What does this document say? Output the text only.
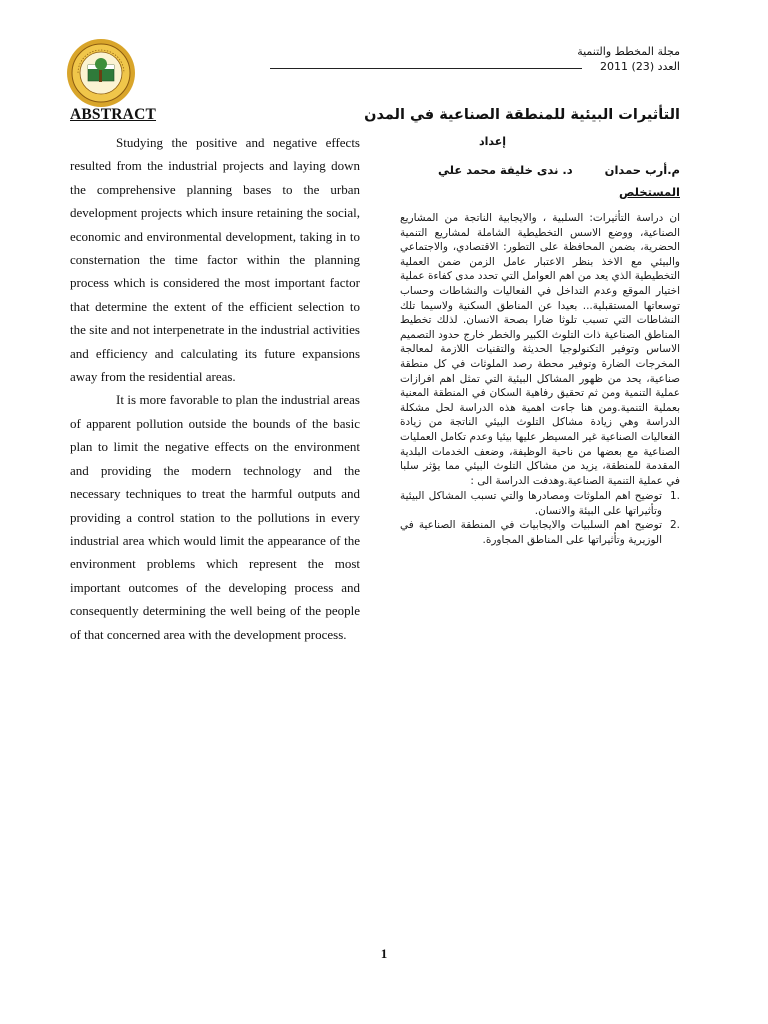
مجلة المخطط والتنمية
العدد (23) 2011
ABSTRACT

Studying the positive and negative effects resulted from the industrial projects and laying down the comprehensive planning bases to the urban development projects which insure retaining the social, economic and environmental development, taking in to consternation the time factor within the planning process which is considered the most important factor that determine the extent of the efficient selection to the site and not interpenetrate in the industrial activities and efficiency and calculating its future expansions away from the residential areas.

It is more favorable to plan the industrial areas of apparent pollution outside the bounds of the basic plan to limit the negative effects on the environment and providing the modern technology and the necessary techniques to treat the harmful outputs and providing a control station to the pollutions in every industrial area which would limit the appearance of the environment problems which represent the most important outcomes of the developing process and consequently determining the well being of the people of that concerned area with the development process.

التأثيرات البيئية للمنطقة الصناعية في المدن
إعداد
م.أرب حمدان
د. ندى خليفة محمد علي
المستخلص

ان دراسة التأثيرات: السلبية ، والايجابية الناتجة من المشاريع الصناعية، ووضع الاسس التخطيطية الشاملة لمشاريع التنمية الحضرية، بضمن المحافظة على التطور: الاقتصادي، والاجتماعي والبيئي مع الاخذ بنظر الاعتبار عامل الزمن ضمن العملية التخطيطية الذي يعد من اهم العوامل التي تحدد مدى كفاءة عملية اختيار الموقع وعدم التداخل في الفعاليات والنشاطات وحساب توسعاتها المستقبلية... بعيدا عن المناطق السكنية ولاسيما تلك النشاطات التي تسبب تلوثا ضارا بصحة الانسان. لذلك تخطيط المناطق الصناعية ذات التلوث الكبير والخطر خارج حدود التصميم الاساس وتوفير التكنولوجيا الحديثة والتقنيات اللازمة لمعالجة المخرجات الضارة وتوفير محطة رصد الملوثات في كل منطقة صناعية، يحد من ظهور المشاكل البيئية التي تمثل اهم افرازات عملية التنمية ومن ثم تحقيق رفاهية السكان في المنطقة المعنية بعملية التنمية.ومن هنا جاءت اهمية هذه الدراسة لحل مشكلة الدراسة وهي زيادة مشاكل التلوث البيئي الناتجة من زيادة الفعاليات الصناعية غير المسيطر عليها بيئيا وعدم تكامل العمليات الصناعية مع بعضها من ناحية الوظيفة، وضعف الخدمات البلدية المقدمة للمنطقة، يزيد من مشاكل التلوث البيئي مما يؤثر سلبا في عملية التنمية الصناعية.وهدفت الدراسة الى :

1.
توضيح اهم الملوثات ومصادرها والتي تسبب المشاكل البيئية وتأثيراتها على البيئة والانسان.
2.
توضيح اهم السلبيات والايجابيات في المنطقة الصناعية في الوزيرية وتأثيراتها على المناطق المجاورة.
1
